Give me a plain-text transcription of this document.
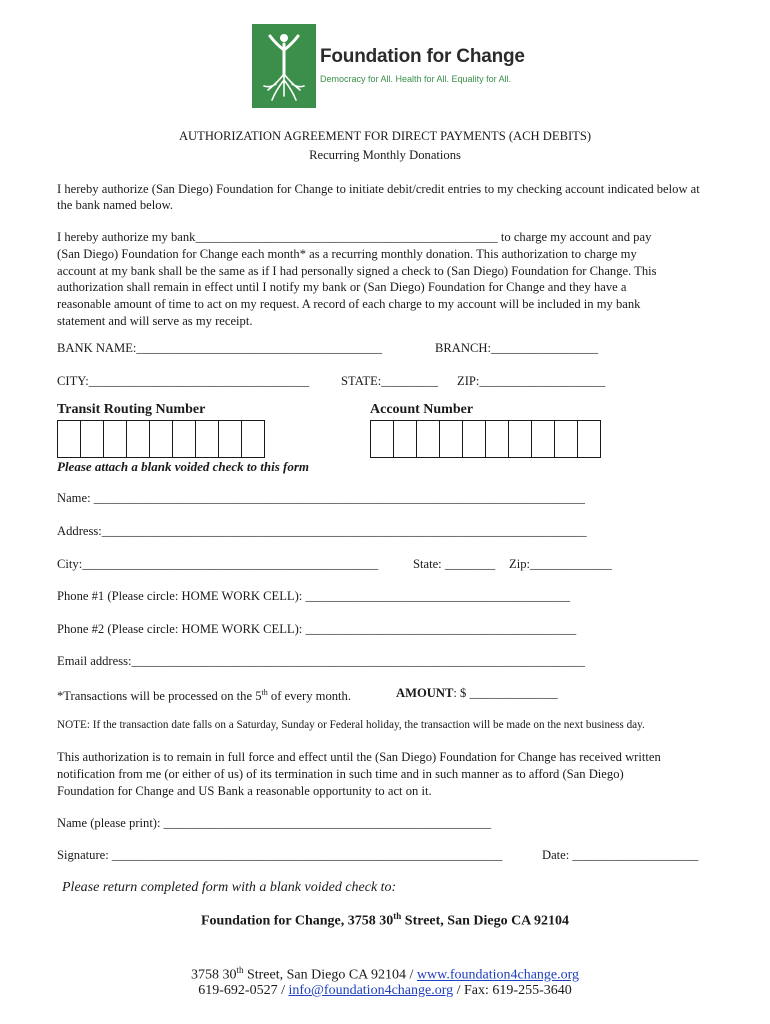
Foundation for Change
Democracy for All. Health for All. Equality for All.
AUTHORIZATION AGREEMENT FOR DIRECT PAYMENTS (ACH DEBITS)
Recurring Monthly Donations
I hereby authorize (San Diego) Foundation for Change to initiate debit/credit entries to my checking account indicated below at the bank named below.
I hereby authorize my bank________________________________________________ to charge my account and pay
(San Diego) Foundation for Change each month* as a recurring monthly donation. This authorization to charge my
account at my bank shall be the same as if I had personally signed a check to (San Diego) Foundation for Change. This
authorization shall remain in effect until I notify my bank or (San Diego) Foundation for Change and they have a
reasonable amount of time to act on my request. A record of each charge to my account will be included in my bank
statement and will serve as my receipt.
BANK NAME:_______________________________________	BRANCH:_________________
CITY:___________________________________	STATE:_________ ZIP:____________________
Transit Routing Number	Account Number
Please attach a blank voided check to this form
Name: ______________________________________________________________________________
Address:_____________________________________________________________________________
City:_______________________________________________	State: ________ Zip:_____________
Phone #1 (Please circle: HOME WORK CELL): __________________________________________
Phone #2 (Please circle: HOME WORK CELL): ___________________________________________
Email address:________________________________________________________________________
*Transactions will be processed on the 5th of every month.	AMOUNT: $ ______________
NOTE: If the transaction date falls on a Saturday, Sunday or Federal holiday, the transaction will be made on the next business day.
This authorization is to remain in full force and effect until the (San Diego) Foundation for Change has received written
notification from me (or either of us) of its termination in such time and in such manner as to afford (San Diego)
Foundation for Change and US Bank a reasonable opportunity to act on it.
Name (please print): ____________________________________________________
Signature: ______________________________________________________________	Date: ____________________
Please return completed form with a blank voided check to:
Foundation for Change, 3758 30th Street, San Diego CA 92104
3758 30th Street, San Diego CA 92104 / www.foundation4change.org
619-692-0527 / info@foundation4change.org / Fax: 619-255-3640
